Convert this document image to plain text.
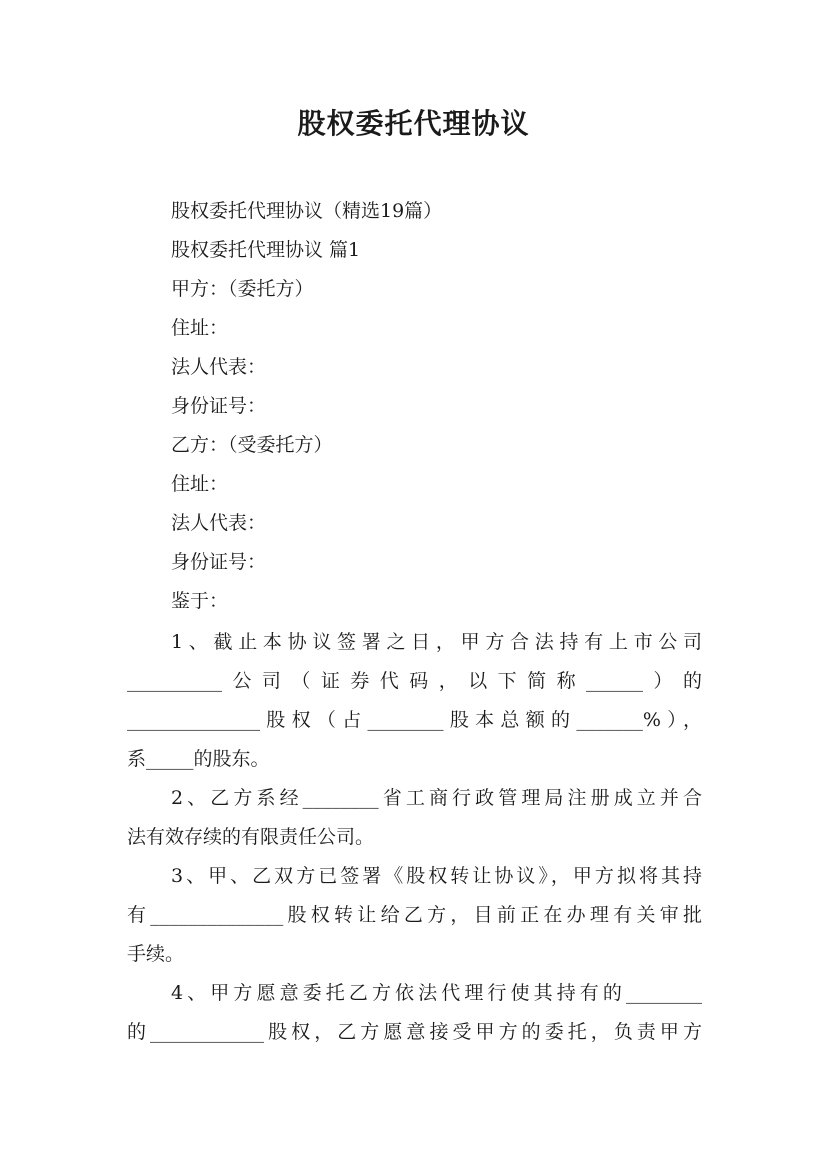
股权委托代理协议
股权委托代理协议（精选19篇）
股权委托代理协议 篇1
甲方：（委托方）
住址：
法人代表：
身份证号：
乙方：（受委托方）
住址：
法人代表：
身份证号：
鉴于：
1、截止本协议签署之日，甲方合法持有上市公司
__________公司（证券代码，以下简称______）的
______________股权（占________股本总额的_______%），
系_____的股东。
2、乙方系经________省工商行政管理局注册成立并合
法有效存续的有限责任公司。
3、甲、乙双方已签署《股权转让协议》，甲方拟将其持
有______________股权转让给乙方，目前正在办理有关审批
手续。
4、甲方愿意委托乙方依法代理行使其持有的________
的____________股权，乙方愿意接受甲方的委托，负责甲方
